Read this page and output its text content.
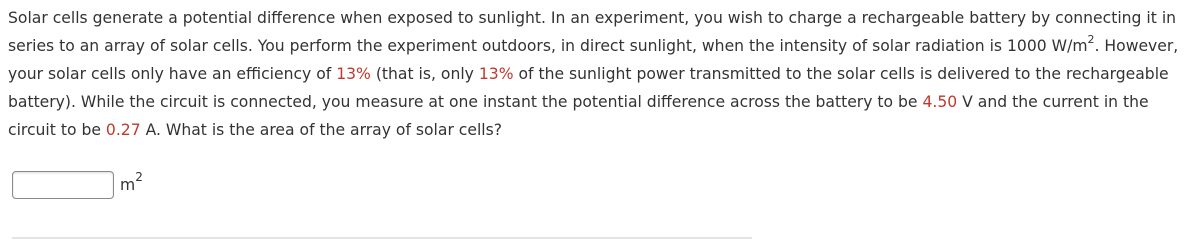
Solar cells generate a potential difference when exposed to sunlight. In an experiment, you wish to charge a rechargeable battery by connecting it in series to an array of solar cells. You perform the experiment outdoors, in direct sunlight, when the intensity of solar radiation is 1000 $W/m^2$. However, your solar cells only have an efficiency of 13% (that is, only 13% of the sunlight power transmitted to the solar cells is delivered to the rechargeable battery). While the circuit is connected, you measure at one instant the potential difference across the battery to be 4.50 V and the current in the circuit to be 0.27 A. What is the area of the array of solar cells?

$m^2$
